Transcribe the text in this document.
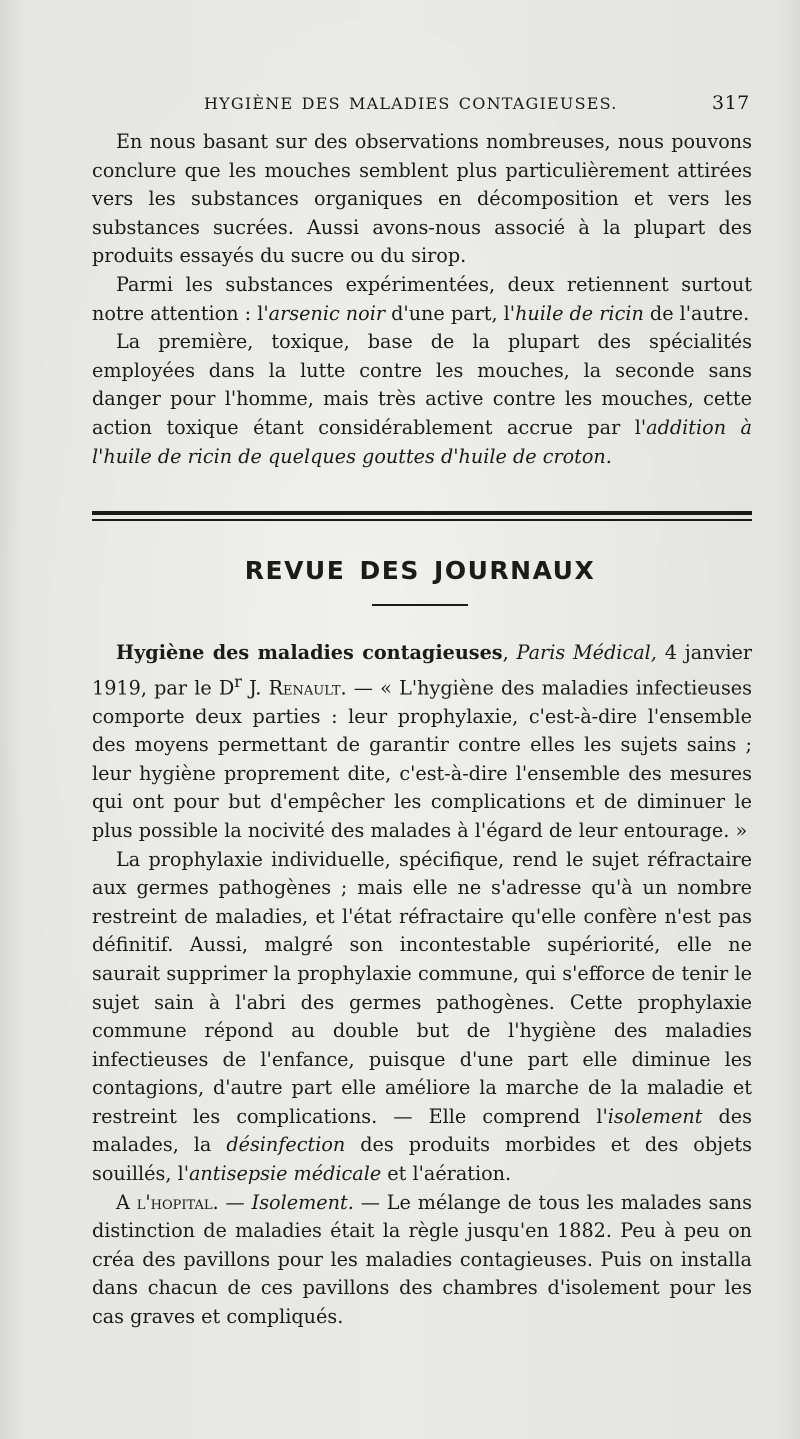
HYGIÈNE DES MALADIES CONTAGIEUSES.	317

En nous basant sur des observations nombreuses, nous pouvons conclure que les mouches semblent plus particulièrement attirées vers les substances organiques en décomposition et vers les substances sucrées. Aussi avons-nous associé à la plupart des produits essayés du sucre ou du sirop.

Parmi les substances expérimentées, deux retiennent surtout notre attention : l'arsenic noir d'une part, l'huile de ricin de l'autre.

La première, toxique, base de la plupart des spécialités employées dans la lutte contre les mouches, la seconde sans danger pour l'homme, mais très active contre les mouches, cette action toxique étant considérablement accrue par l'addition à l'huile de ricin de quelques gouttes d'huile de croton.

REVUE DES JOURNAUX

Hygiène des maladies contagieuses, Paris Médical, 4 janvier 1919, par le $D^r$ J. Renault. — « L'hygiène des maladies infectieuses comporte deux parties : leur prophylaxie, c'est-à-dire l'ensemble des moyens permettant de garantir contre elles les sujets sains ; leur hygiène proprement dite, c'est-à-dire l'ensemble des mesures qui ont pour but d'empêcher les complications et de diminuer le plus possible la nocivité des malades à l'égard de leur entourage. »

La prophylaxie individuelle, spécifique, rend le sujet réfractaire aux germes pathogènes ; mais elle ne s'adresse qu'à un nombre restreint de maladies, et l'état réfractaire qu'elle confère n'est pas définitif. Aussi, malgré son incontestable supériorité, elle ne saurait supprimer la prophylaxie commune, qui s'efforce de tenir le sujet sain à l'abri des germes pathogènes. Cette prophylaxie commune répond au double but de l'hygiène des maladies infectieuses de l'enfance, puisque d'une part elle diminue les contagions, d'autre part elle améliore la marche de la maladie et restreint les complications. — Elle comprend l'isolement des malades, la désinfection des produits morbides et des objets souillés, l'antisepsie médicale et l'aération.

A l'hopital. — Isolement. — Le mélange de tous les malades sans distinction de maladies était la règle jusqu'en 1882. Peu à peu on créa des pavillons pour les maladies contagieuses. Puis on installa dans chacun de ces pavillons des chambres d'isolement pour les cas graves et compliqués.
